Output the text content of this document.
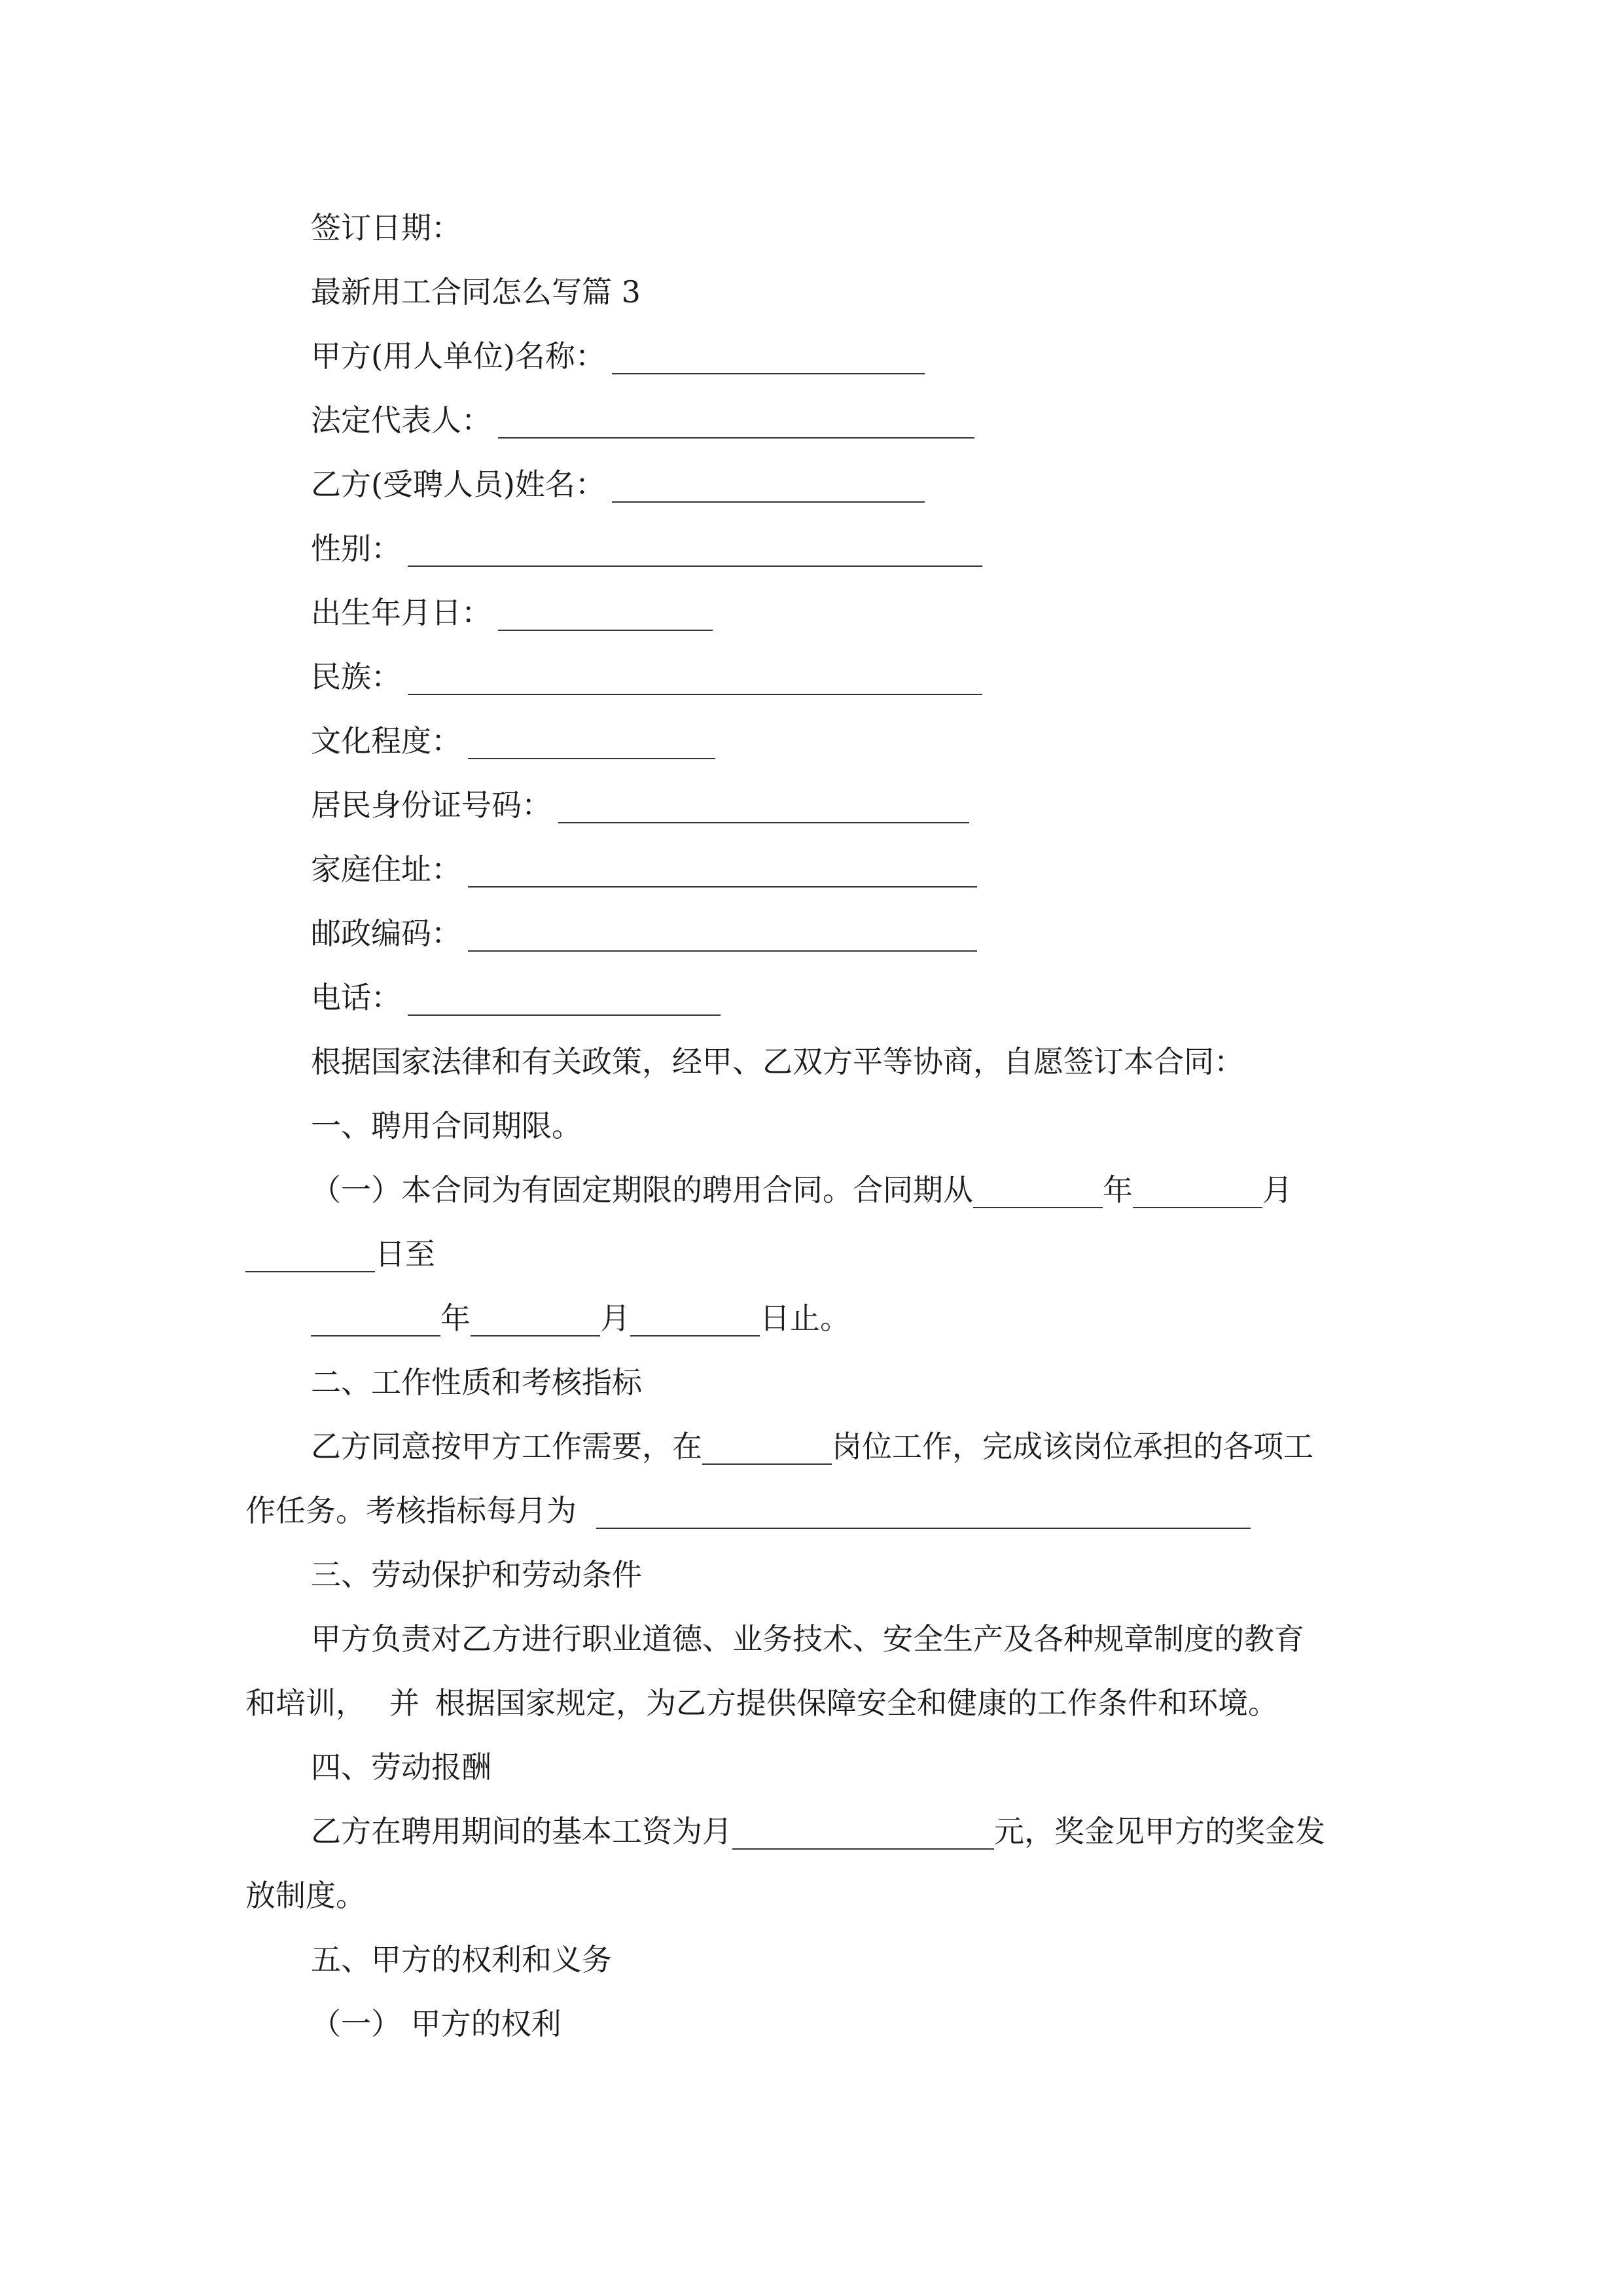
签订日期：
最新用工合同怎么写篇 3
甲方(用人单位)名称：
法定代表人：
乙方(受聘人员)姓名：
性别：
出生年月日：
民族：
文化程度：
居民身份证号码：
家庭住址：
邮政编码：
电话：
根据国家法律和有关政策，经甲、乙双方平等协商，自愿签订本合同：
一、聘用合同期限。
（一）本合同为有固定期限的聘用合同。合同期从	年	月
日至
年	月	日止。
二、工作性质和考核指标
乙方同意按甲方工作需要，在	岗位工作，完成该岗位承担的各项工
作任务。考核指标每月为
三、劳动保护和劳动条件
甲方负责对乙方进行职业道德、业务技术、安全生产及各种规章制度的教育
和培训， 并 根据国家规定，为乙方提供保障安全和健康的工作条件和环境。
四、劳动报酬
乙方在聘用期间的基本工资为月	元，奖金见甲方的奖金发
放制度。
五、甲方的权利和义务
（一） 甲方的权利
